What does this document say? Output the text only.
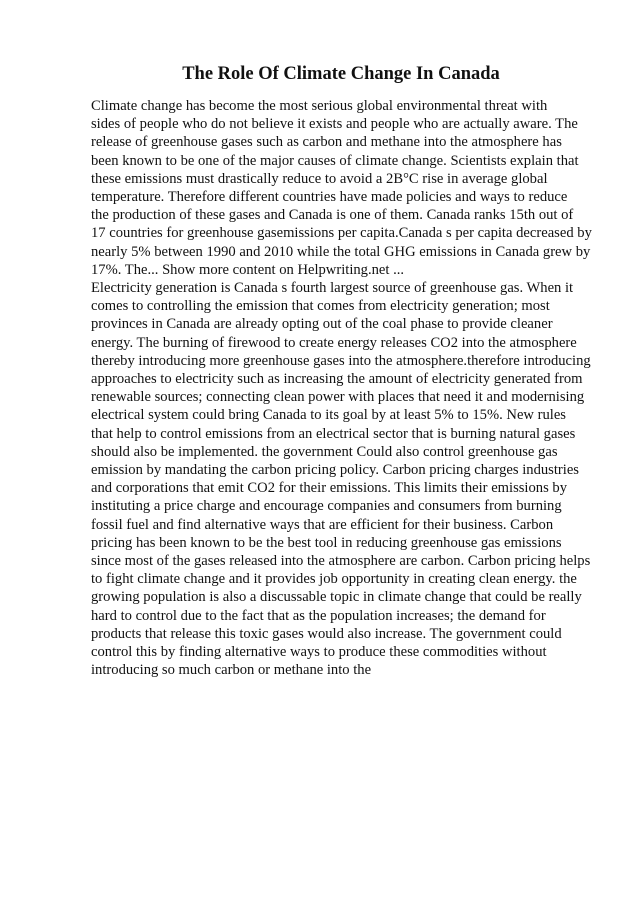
The Role Of Climate Change In Canada
Climate change has become the most serious global environmental threat with
sides of people who do not believe it exists and people who are actually aware. The
release of greenhouse gases such as carbon and methane into the atmosphere has
been known to be one of the major causes of climate change. Scientists explain that
these emissions must drastically reduce to avoid a 2B°C rise in average global
temperature. Therefore different countries have made policies and ways to reduce
the production of these gases and Canada is one of them. Canada ranks 15th out of
17 countries for greenhouse gasemissions per capita.Canada s per capita decreased by
nearly 5% between 1990 and 2010 while the total GHG emissions in Canada grew by
17%. The... Show more content on Helpwriting.net ...
Electricity generation is Canada s fourth largest source of greenhouse gas. When it
comes to controlling the emission that comes from electricity generation; most
provinces in Canada are already opting out of the coal phase to provide cleaner
energy. The burning of firewood to create energy releases CO2 into the atmosphere
thereby introducing more greenhouse gases into the atmosphere.therefore introducing
approaches to electricity such as increasing the amount of electricity generated from
renewable sources; connecting clean power with places that need it and modernising
electrical system could bring Canada to its goal by at least 5% to 15%. New rules
that help to control emissions from an electrical sector that is burning natural gases
should also be implemented. the government Could also control greenhouse gas
emission by mandating the carbon pricing policy. Carbon pricing charges industries
and corporations that emit CO2 for their emissions. This limits their emissions by
instituting a price charge and encourage companies and consumers from burning
fossil fuel and find alternative ways that are efficient for their business. Carbon
pricing has been known to be the best tool in reducing greenhouse gas emissions
since most of the gases released into the atmosphere are carbon. Carbon pricing helps
to fight climate change and it provides job opportunity in creating clean energy. the
growing population is also a discussable topic in climate change that could be really
hard to control due to the fact that as the population increases; the demand for
products that release this toxic gases would also increase. The government could
control this by finding alternative ways to produce these commodities without
introducing so much carbon or methane into the
